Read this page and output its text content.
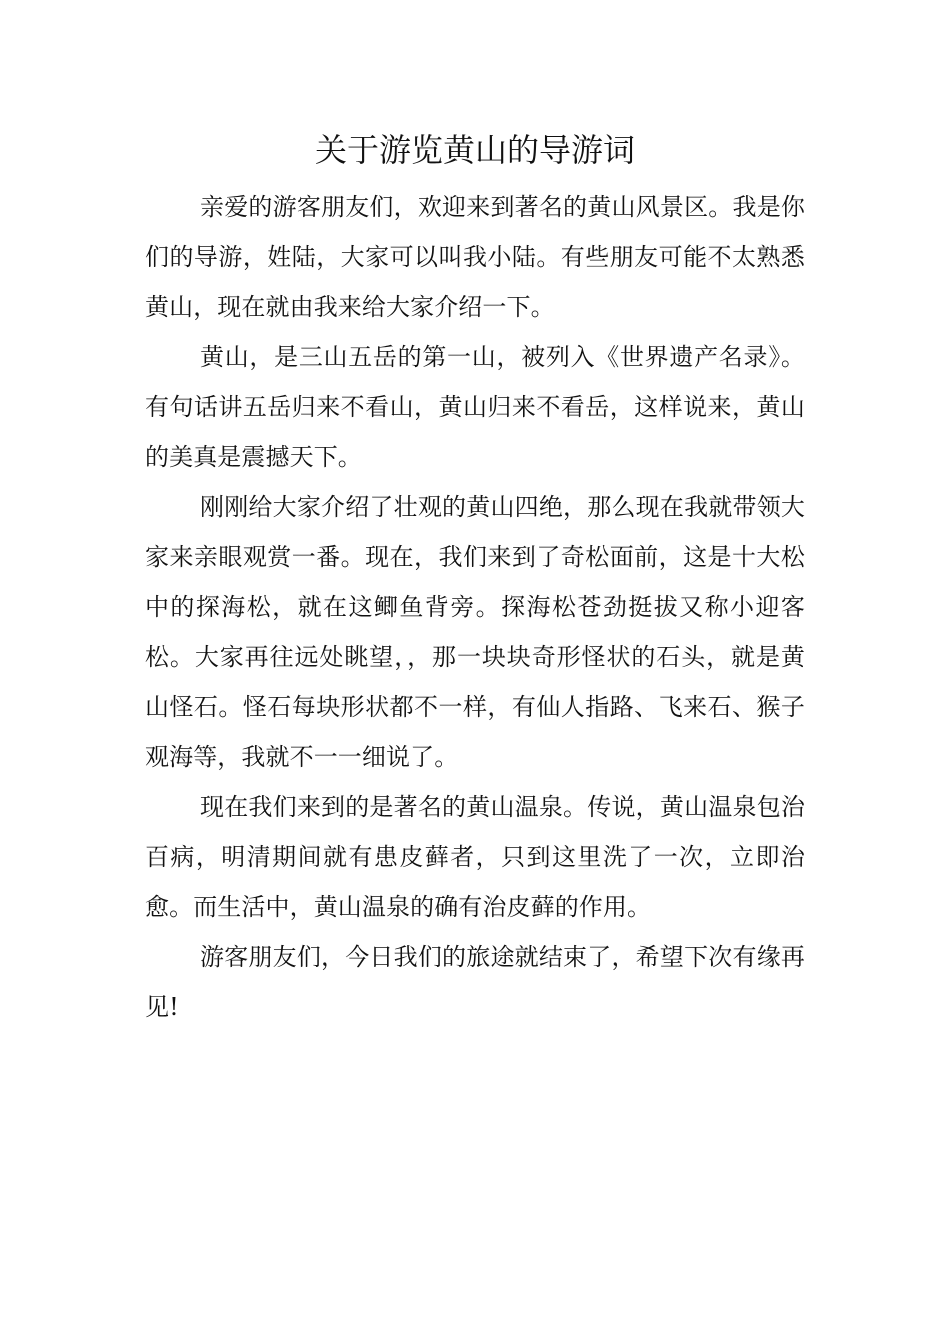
关于游览黄山的导游词

亲爱的游客朋友们，欢迎来到著名的黄山风景区。我是你们的导游，姓陆，大家可以叫我小陆。有些朋友可能不太熟悉黄山，现在就由我来给大家介绍一下。

黄山，是三山五岳的第一山，被列入《世界遗产名录》。有句话讲五岳归来不看山，黄山归来不看岳，这样说来，黄山的美真是震撼天下。

刚刚给大家介绍了壮观的黄山四绝，那么现在我就带领大家来亲眼观赏一番。现在，我们来到了奇松面前，这是十大松中的探海松，就在这鲫鱼背旁。探海松苍劲挺拔又称小迎客松。大家再往远处眺望，，那一块块奇形怪状的石头，就是黄山怪石。怪石每块形状都不一样，有仙人指路、飞来石、猴子观海等，我就不一一细说了。

现在我们来到的是著名的黄山温泉。传说，黄山温泉包治百病，明清期间就有患皮藓者，只到这里洗了一次，立即治愈。而生活中，黄山温泉的确有治皮藓的作用。

游客朋友们，今日我们的旅途就结束了，希望下次有缘再见!
